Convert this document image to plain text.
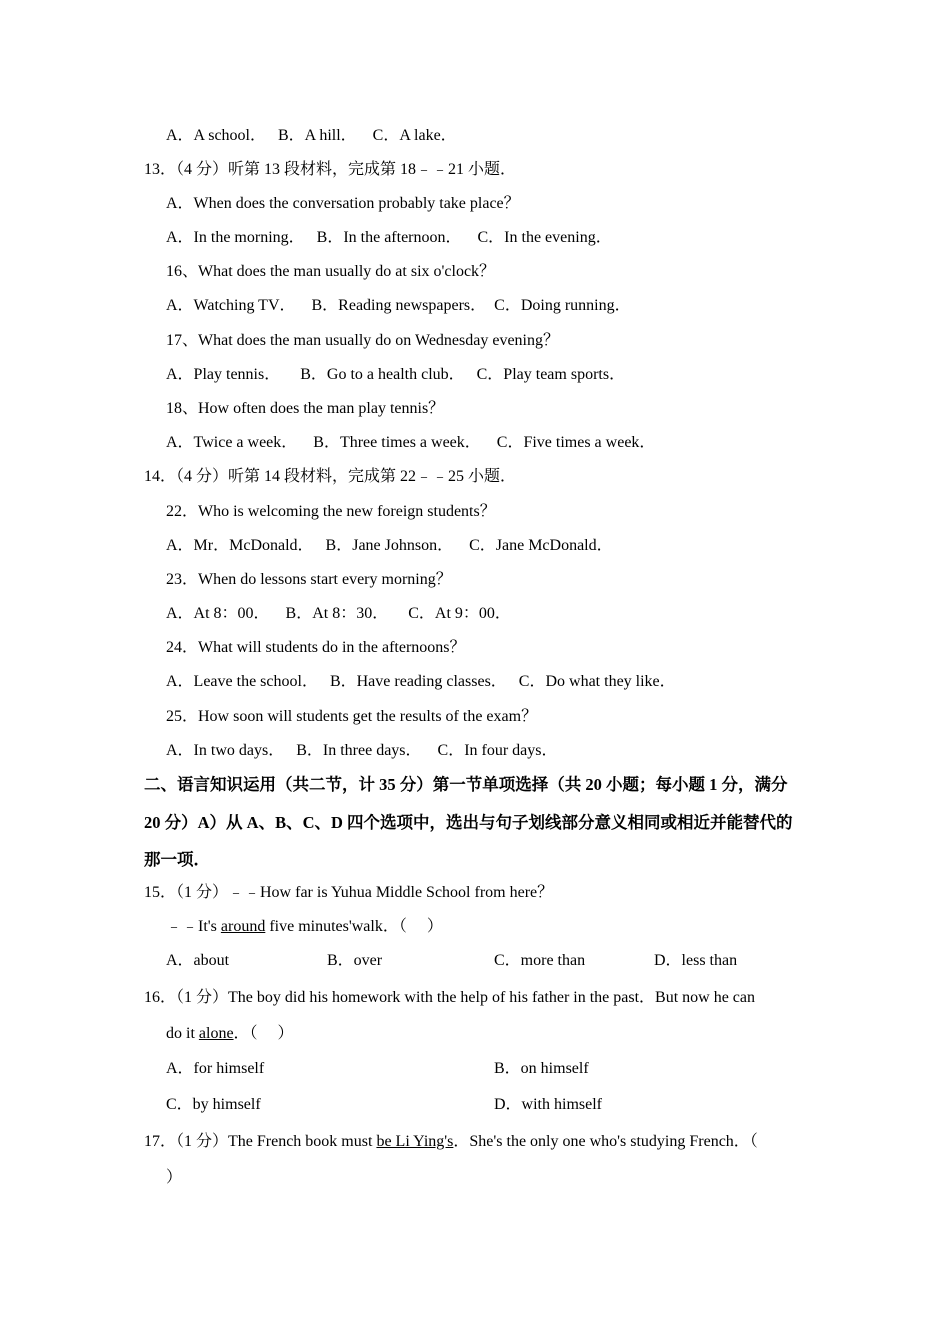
A．A school．   B．A hill．    C．A lake．
13．（4 分）听第 13 段材料，完成第 18﹣﹣21 小题．
A．When does the conversation probably take place？
A．In the morning．   B．In the afternoon．    C．In the evening．
16、What does the man usually do at six o'clock？
A．Watching TV．    B．Reading newspapers．  C．Doing running．
17、What does the man usually do on Wednesday evening？
A．Play tennis．     B．Go to a health club．   C．Play team sports．
18、How often does the man play tennis？
A．Twice a week．    B．Three times a week．    C．Five times a week．
14．（4 分）听第 14 段材料，完成第 22﹣﹣25 小题．
22．Who is welcoming the new foreign students？
A．Mr．McDonald．   B．Jane Johnson．    C．Jane McDonald．
23．When do lessons start every morning？
A．At 8：00．    B．At 8：30．     C．At 9：00．
24．What will students do in the afternoons？
A．Leave the school．   B．Have reading classes．   C．Do what they like．
25．How soon will students get the results of the exam？
A．In two days．   B．In three days．    C．In four days．
二、语言知识运用（共二节，计 35 分）第一节单项选择（共 20 小题；每小题 1 分，满分
20 分）A）从 A、B、C、D 四个选项中，选出与句子划线部分意义相同或相近并能替代的
那一项．
15．（1 分）﹣﹣How far is Yuhua Middle School from here？
﹣﹣It's around five minutes'walk．（     ）
A．about	B．over	C．more than	D．less than
16．（1 分）The boy did his homework with the help of his father in the past．But now he can
do it alone．（     ）
A．for himself	B．on himself
C．by himself	D．with himself
17．（1 分）The French book must be Li Ying's．She's the only one who's studying French．（
）
